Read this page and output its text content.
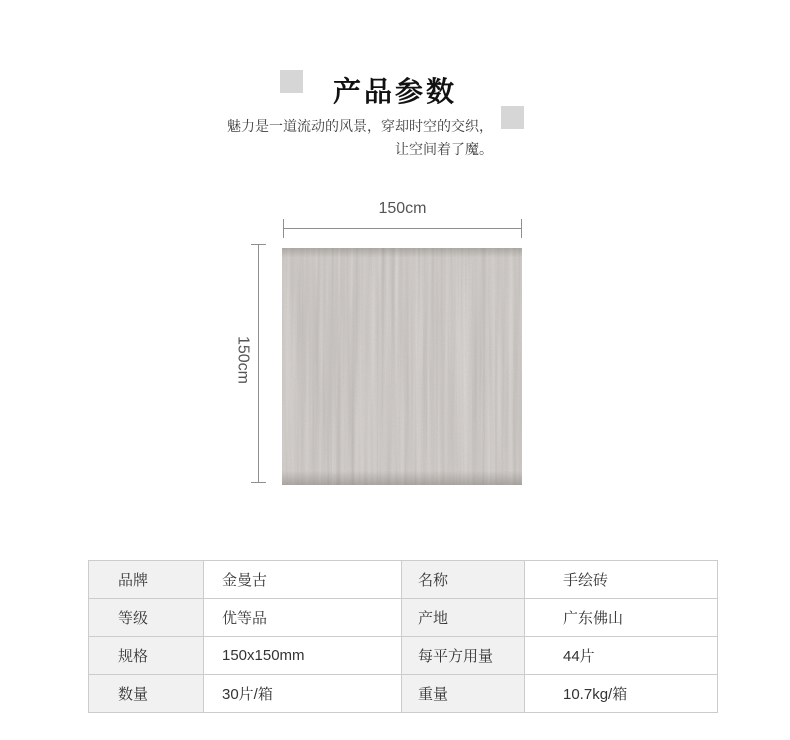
产品参数
魅力是一道流动的风景，穿却时空的交织，
让空间着了魔。
150cm
150cm
品牌	金曼古	名称	手绘砖
等级	优等品	产地	广东佛山
规格	150x150mm	每平方用量	44片
数量	30片/箱	重量	10.7kg/箱
